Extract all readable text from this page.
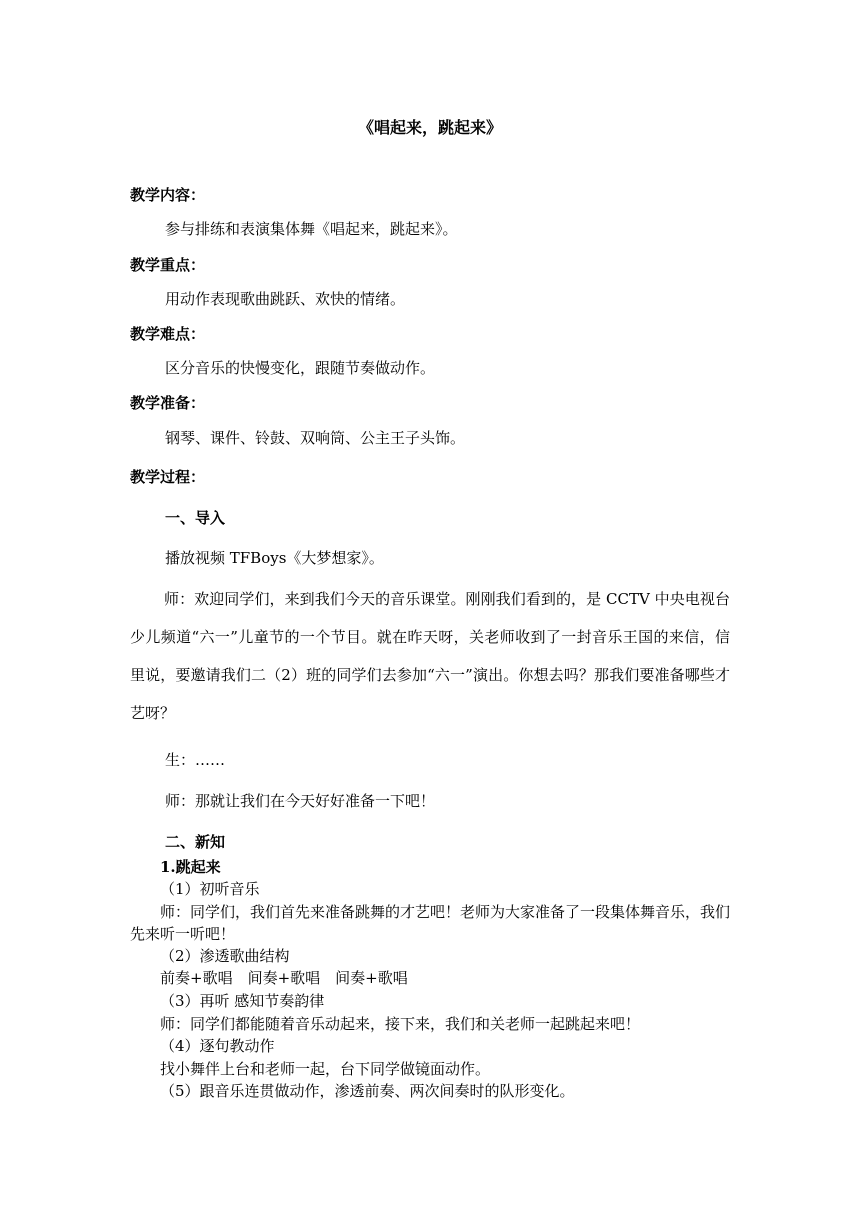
《唱起来，跳起来》
教学内容：
参与排练和表演集体舞《唱起来，跳起来》。
教学重点：
用动作表现歌曲跳跃、欢快的情绪。
教学难点：
区分音乐的快慢变化，跟随节奏做动作。
教学准备：
钢琴、课件、铃鼓、双响筒、公主王子头饰。
教学过程：
一、导入
播放视频 TFBoys《大梦想家》。

师：欢迎同学们，来到我们今天的音乐课堂。刚刚我们看到的，是 CCTV 中央电视台少儿频道“六一”儿童节的一个节目。就在昨天呀，关老师收到了一封音乐王国的来信，信里说，要邀请我们二（2）班的同学们去参加“六一”演出。你想去吗？那我们要准备哪些才艺呀？

生：……
师：那就让我们在今天好好准备一下吧！
二、新知
1.跳起来
（1）初听音乐

师：同学们，我们首先来准备跳舞的才艺吧！老师为大家准备了一段集体舞音乐，我们先来听一听吧！

（2）渗透歌曲结构
前奏+歌唱　间奏+歌唱　间奏+歌唱
（3）再听 感知节奏韵律
师：同学们都能随着音乐动起来，接下来，我们和关老师一起跳起来吧！
（4）逐句教动作
找小舞伴上台和老师一起，台下同学做镜面动作。
（5）跟音乐连贯做动作，渗透前奏、两次间奏时的队形变化。
